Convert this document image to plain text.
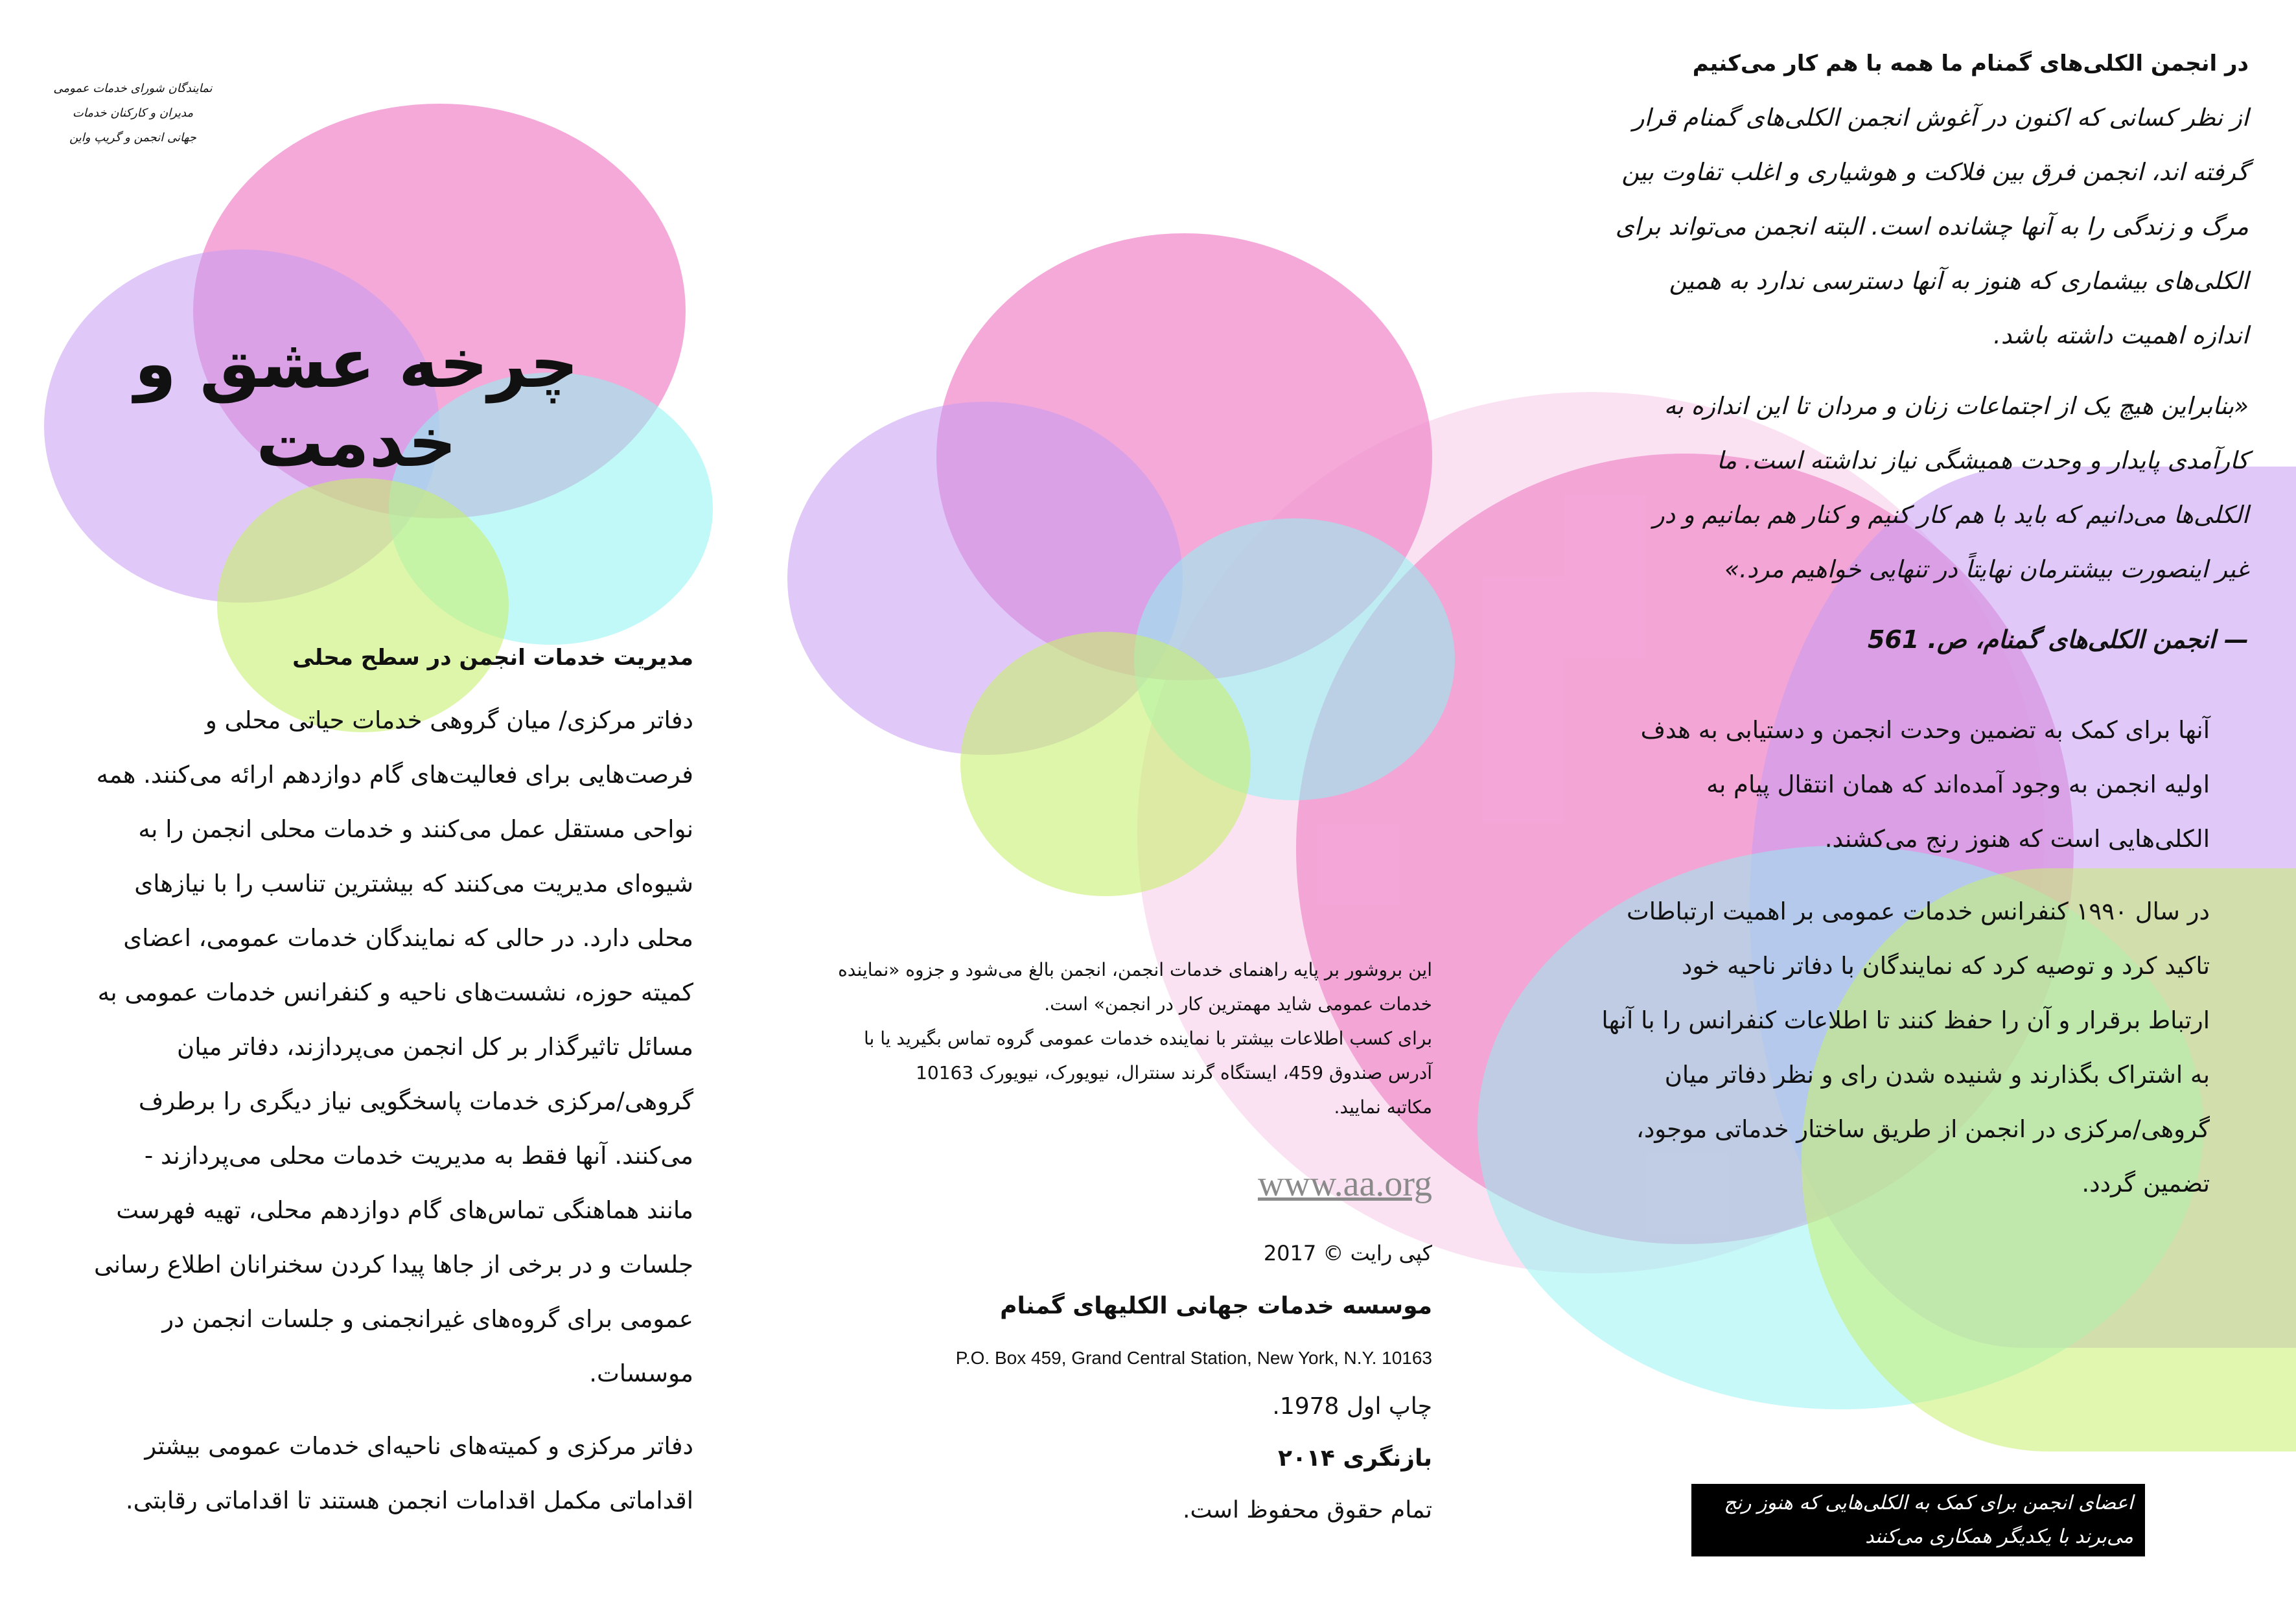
نمایندگان شورای خدمات عمومی

مدیران و کارکنان خدمات

جهانی انجمن و گریپ واین

چرخه عشق و خدمت
مدیریت خدمات انجمن در سطح محلی

دفاتر مرکزی/ میان گروهی خدمات حیاتی محلی و

فرصت‌هایی برای فعالیت‌های گام دوازدهم ارائه می‌کنند. همه

نواحی مستقل عمل می‌کنند و خدمات محلی انجمن را به

شیوه‌ای مدیریت می‌کنند که بیشترین تناسب را با نیازهای

محلی دارد. در حالی که نمایندگان خدمات عمومی، اعضای

کمیته حوزه، نشست‌های ناحیه و کنفرانس خدمات عمومی به

مسائل تاثیرگذار بر کل انجمن می‌پردازند، دفاتر میان

گروهی/مرکزی خدمات پاسخگویی نیاز دیگری را برطرف

می‌کنند. آنها فقط به مدیریت خدمات محلی می‌پردازند -

مانند هماهنگی تماس‌های گام دوازدهم محلی، تهیه فهرست

جلسات و در برخی از جاها پیدا کردن سخنرانان اطلاع رسانی

عمومی برای گروه‌های غیرانجمنی و جلسات انجمن در

موسسات.

دفاتر مرکزی و کمیته‌های ناحیه‌ای خدمات عمومی بیشتر

اقداماتی مکمل اقدامات انجمن هستند تا اقداماتی رقابتی.

این بروشور بر پایه راهنمای خدمات انجمن، انجمن بالغ می‌شود و جزوه «نماینده

خدمات عمومی شاید مهمترین کار در انجمن» است.

برای کسب اطلاعات بیشتر با نماینده خدمات عمومی گروه تماس بگیرید یا با

آدرس صندوق 459، ایستگاه گرند سنترال، نیویورک، نیویورک 10163

مکاتبه نمایید.

www.aa.org
کپی رایت © 2017
موسسه خدمات جهانی الکلیهای گمنام
P.O. Box 459, Grand Central Station, New York, N.Y. 10163
چاپ اول 1978.
بازنگری ۲۰۱۴
تمام حقوق محفوظ است.
در انجمن الکلی‌های گمنام ما همه با هم کار می‌کنیم

از نظر کسانی که اکنون در آغوش انجمن الکلی‌های گمنام قرار

گرفته اند، انجمن فرق بین فلاکت و هوشیاری و اغلب تفاوت بین

مرگ و زندگی را به آنها چشانده است. البته انجمن می‌تواند برای

الکلی‌های بیشماری که هنوز به آنها دسترسی ندارد به همین

اندازه اهمیت داشته باشد.

«بنابراین هیچ یک از اجتماعات زنان و مردان تا این اندازه به

کارآمدی پایدار و وحدت همیشگی نیاز نداشته است. ما

الکلی‌ها می‌دانیم که باید با هم کار کنیم و کنار هم بمانیم و در

غیر اینصورت بیشترمان نهایتاً در تنهایی خواهیم مرد.»

— انجمن الکلی‌های گمنام، ص. 561

آنها برای کمک به تضمین وحدت انجمن و دستیابی به هدف

اولیه انجمن به وجود آمده‌اند که همان انتقال پیام به

الکلی‌هایی است که هنوز رنج می‌کشند.

در سال ۱۹۹۰ کنفرانس خدمات عمومی بر اهمیت ارتباطات

تاکید کرد و توصیه کرد که نمایندگان با دفاتر ناحیه خود

ارتباط برقرار و آن را حفظ کنند تا اطلاعات کنفرانس را با آنها

به اشتراک بگذارند و شنیده شدن رای و نظر دفاتر میان

گروهی/مرکزی در انجمن از طریق ساختار خدماتی موجود،

تضمین گردد.

اعضای انجمن برای کمک به الکلی‌هایی که هنوز رنج

می‌برند با یکدیگر همکاری می‌کنند
